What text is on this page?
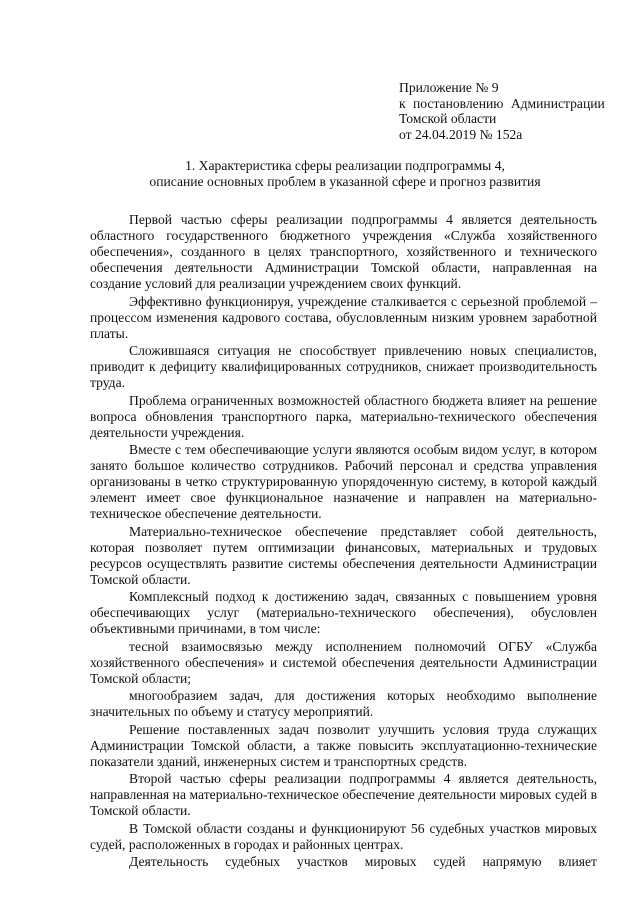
Приложение № 9
к постановлению Администрации
Томской области
от 24.04.2019 № 152а
1. Характеристика сферы реализации подпрограммы 4,
описание основных проблем в указанной сфере и прогноз развития

Первой частью сферы реализации подпрограммы 4 является деятельность областного государственного бюджетного учреждения «Служба хозяйственного обеспечения», созданного в целях транспортного, хозяйственного и технического обеспечения деятельности Администрации Томской области, направленная на создание условий для реализации учреждением своих функций.

Эффективно функционируя, учреждение сталкивается с серьезной проблемой – процессом изменения кадрового состава, обусловленным низким уровнем заработной платы.

Сложившаяся ситуация не способствует привлечению новых специалистов, приводит к дефициту квалифицированных сотрудников, снижает производительность труда.

Проблема ограниченных возможностей областного бюджета влияет на решение вопроса обновления транспортного парка, материально-технического обеспечения деятельности учреждения.

Вместе с тем обеспечивающие услуги являются особым видом услуг, в котором занято большое количество сотрудников. Рабочий персонал и средства управления организованы в четко структурированную упорядоченную систему, в которой каждый элемент имеет свое функциональное назначение и направлен на материально-техническое обеспечение деятельности.

Материально-техническое обеспечение представляет собой деятельность, которая позволяет путем оптимизации финансовых, материальных и трудовых ресурсов осуществлять развитие системы обеспечения деятельности Администрации Томской области.

Комплексный подход к достижению задач, связанных с повышением уровня обеспечивающих услуг (материально-технического обеспечения), обусловлен объективными причинами, в том числе:

тесной взаимосвязью между исполнением полномочий ОГБУ «Служба хозяйственного обеспечения» и системой обеспечения деятельности Администрации Томской области;

многообразием задач, для достижения которых необходимо выполнение значительных по объему и статусу мероприятий.

Решение поставленных задач позволит улучшить условия труда служащих Администрации Томской области, а также повысить эксплуатационно-технические показатели зданий, инженерных систем и транспортных средств.

Второй частью сферы реализации подпрограммы 4 является деятельность, направленная на материально-техническое обеспечение деятельности мировых судей в Томской области.

В Томской области созданы и функционируют 56 судебных участков мировых судей, расположенных в городах и районных центрах.

Деятельность судебных участков мировых судей напрямую влияет
